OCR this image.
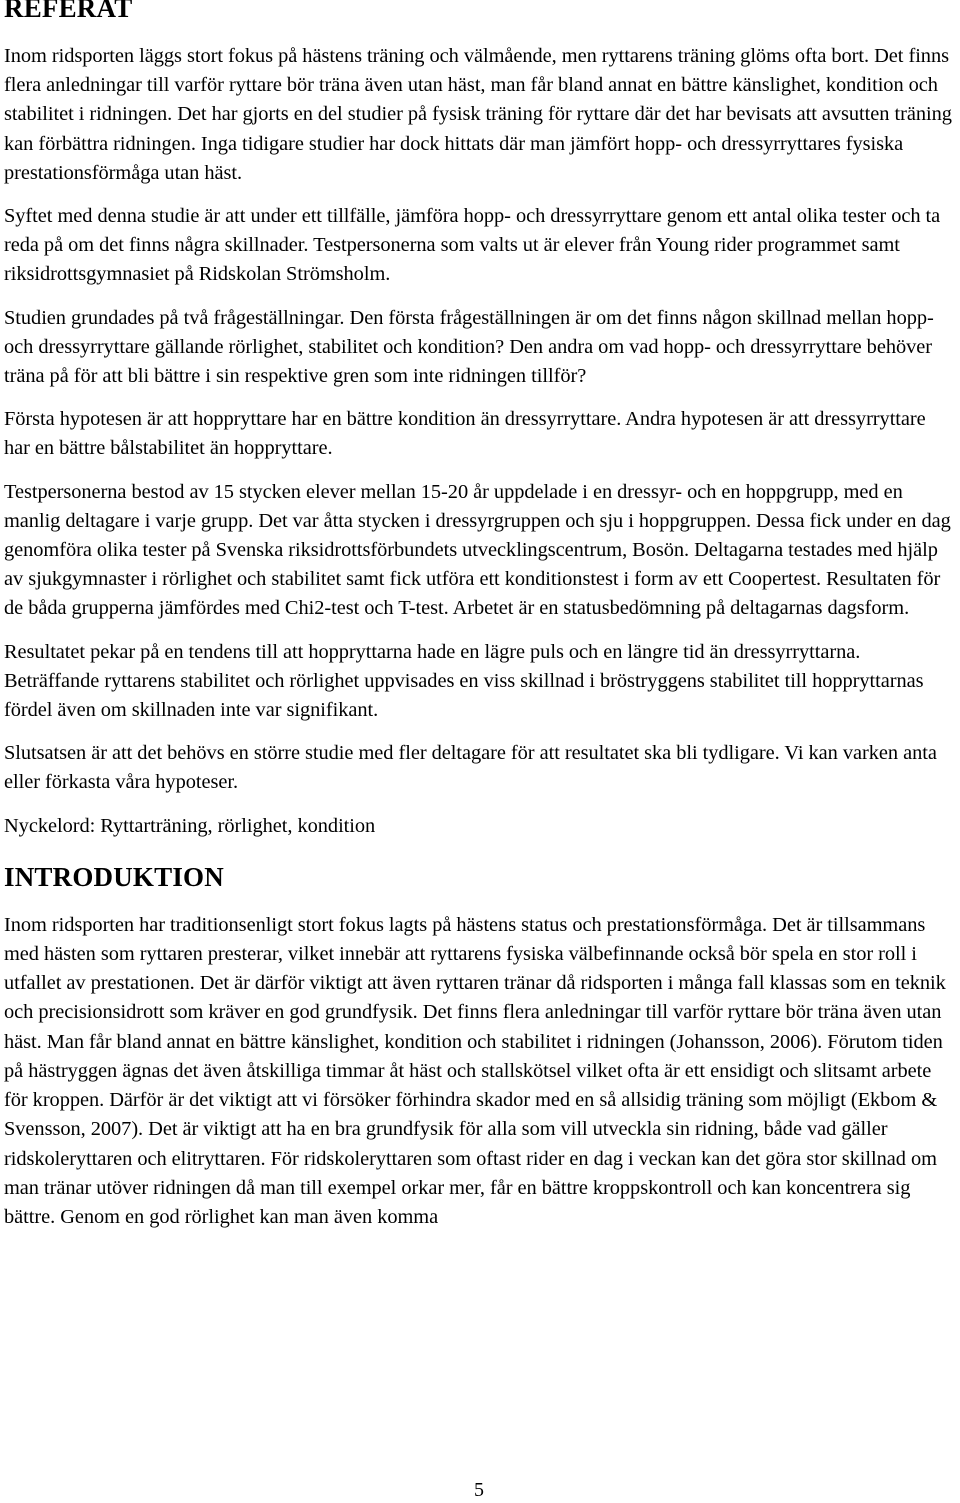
REFERAT

Inom ridsporten läggs stort fokus på hästens träning och välmående, men ryttarens träning glöms ofta bort. Det finns flera anledningar till varför ryttare bör träna även utan häst, man får bland annat en bättre känslighet, kondition och stabilitet i ridningen. Det har gjorts en del studier på fysisk träning för ryttare där det har bevisats att avsutten träning kan förbättra ridningen. Inga tidigare studier har dock hittats där man jämfört hopp- och dressyrryttares fysiska prestationsförmåga utan häst.

Syftet med denna studie är att under ett tillfälle, jämföra hopp- och dressyrryttare genom ett antal olika tester och ta reda på om det finns några skillnader. Testpersonerna som valts ut är elever från Young rider programmet samt riksidrottsgymnasiet på Ridskolan Strömsholm.

Studien grundades på två frågeställningar. Den första frågeställningen är om det finns någon skillnad mellan hopp- och dressyrryttare gällande rörlighet, stabilitet och kondition? Den andra om vad hopp- och dressyrryttare behöver träna på för att bli bättre i sin respektive gren som inte ridningen tillför?

Första hypotesen är att hoppryttare har en bättre kondition än dressyrryttare. Andra hypotesen är att dressyrryttare har en bättre bålstabilitet än hoppryttare.

Testpersonerna bestod av 15 stycken elever mellan 15-20 år uppdelade i en dressyr- och en hoppgrupp, med en manlig deltagare i varje grupp. Det var åtta stycken i dressyrgruppen och sju i hoppgruppen. Dessa fick under en dag genomföra olika tester på Svenska riksidrottsförbundets utvecklingscentrum, Bosön. Deltagarna testades med hjälp av sjukgymnaster i rörlighet och stabilitet samt fick utföra ett konditionstest i form av ett Coopertest. Resultaten för de båda grupperna jämfördes med Chi2-test och T-test. Arbetet är en statusbedömning på deltagarnas dagsform.

Resultatet pekar på en tendens till att hoppryttarna hade en lägre puls och en längre tid än dressyrryttarna. Beträffande ryttarens stabilitet och rörlighet uppvisades en viss skillnad i bröstryggens stabilitet till hoppryttarnas fördel även om skillnaden inte var signifikant.

Slutsatsen är att det behövs en större studie med fler deltagare för att resultatet ska bli tydligare. Vi kan varken anta eller förkasta våra hypoteser.

Nyckelord: Ryttarträning, rörlighet, kondition

INTRODUKTION

Inom ridsporten har traditionsenligt stort fokus lagts på hästens status och prestationsförmåga. Det är tillsammans med hästen som ryttaren presterar, vilket innebär att ryttarens fysiska välbefinnande också bör spela en stor roll i utfallet av prestationen. Det är därför viktigt att även ryttaren tränar då ridsporten i många fall klassas som en teknik och precisionsidrott som kräver en god grundfysik. Det finns flera anledningar till varför ryttare bör träna även utan häst. Man får bland annat en bättre känslighet, kondition och stabilitet i ridningen (Johansson, 2006). Förutom tiden på hästryggen ägnas det även åtskilliga timmar åt häst och stallskötsel vilket ofta är ett ensidigt och slitsamt arbete för kroppen. Därför är det viktigt att vi försöker förhindra skador med en så allsidig träning som möjligt (Ekbom & Svensson, 2007). Det är viktigt att ha en bra grundfysik för alla som vill utveckla sin ridning, både vad gäller ridskoleryttaren och elitryttaren. För ridskoleryttaren som oftast rider en dag i veckan kan det göra stor skillnad om man tränar utöver ridningen då man till exempel orkar mer, får en bättre kroppskontroll och kan koncentrera sig bättre. Genom en god rörlighet kan man även komma

5
